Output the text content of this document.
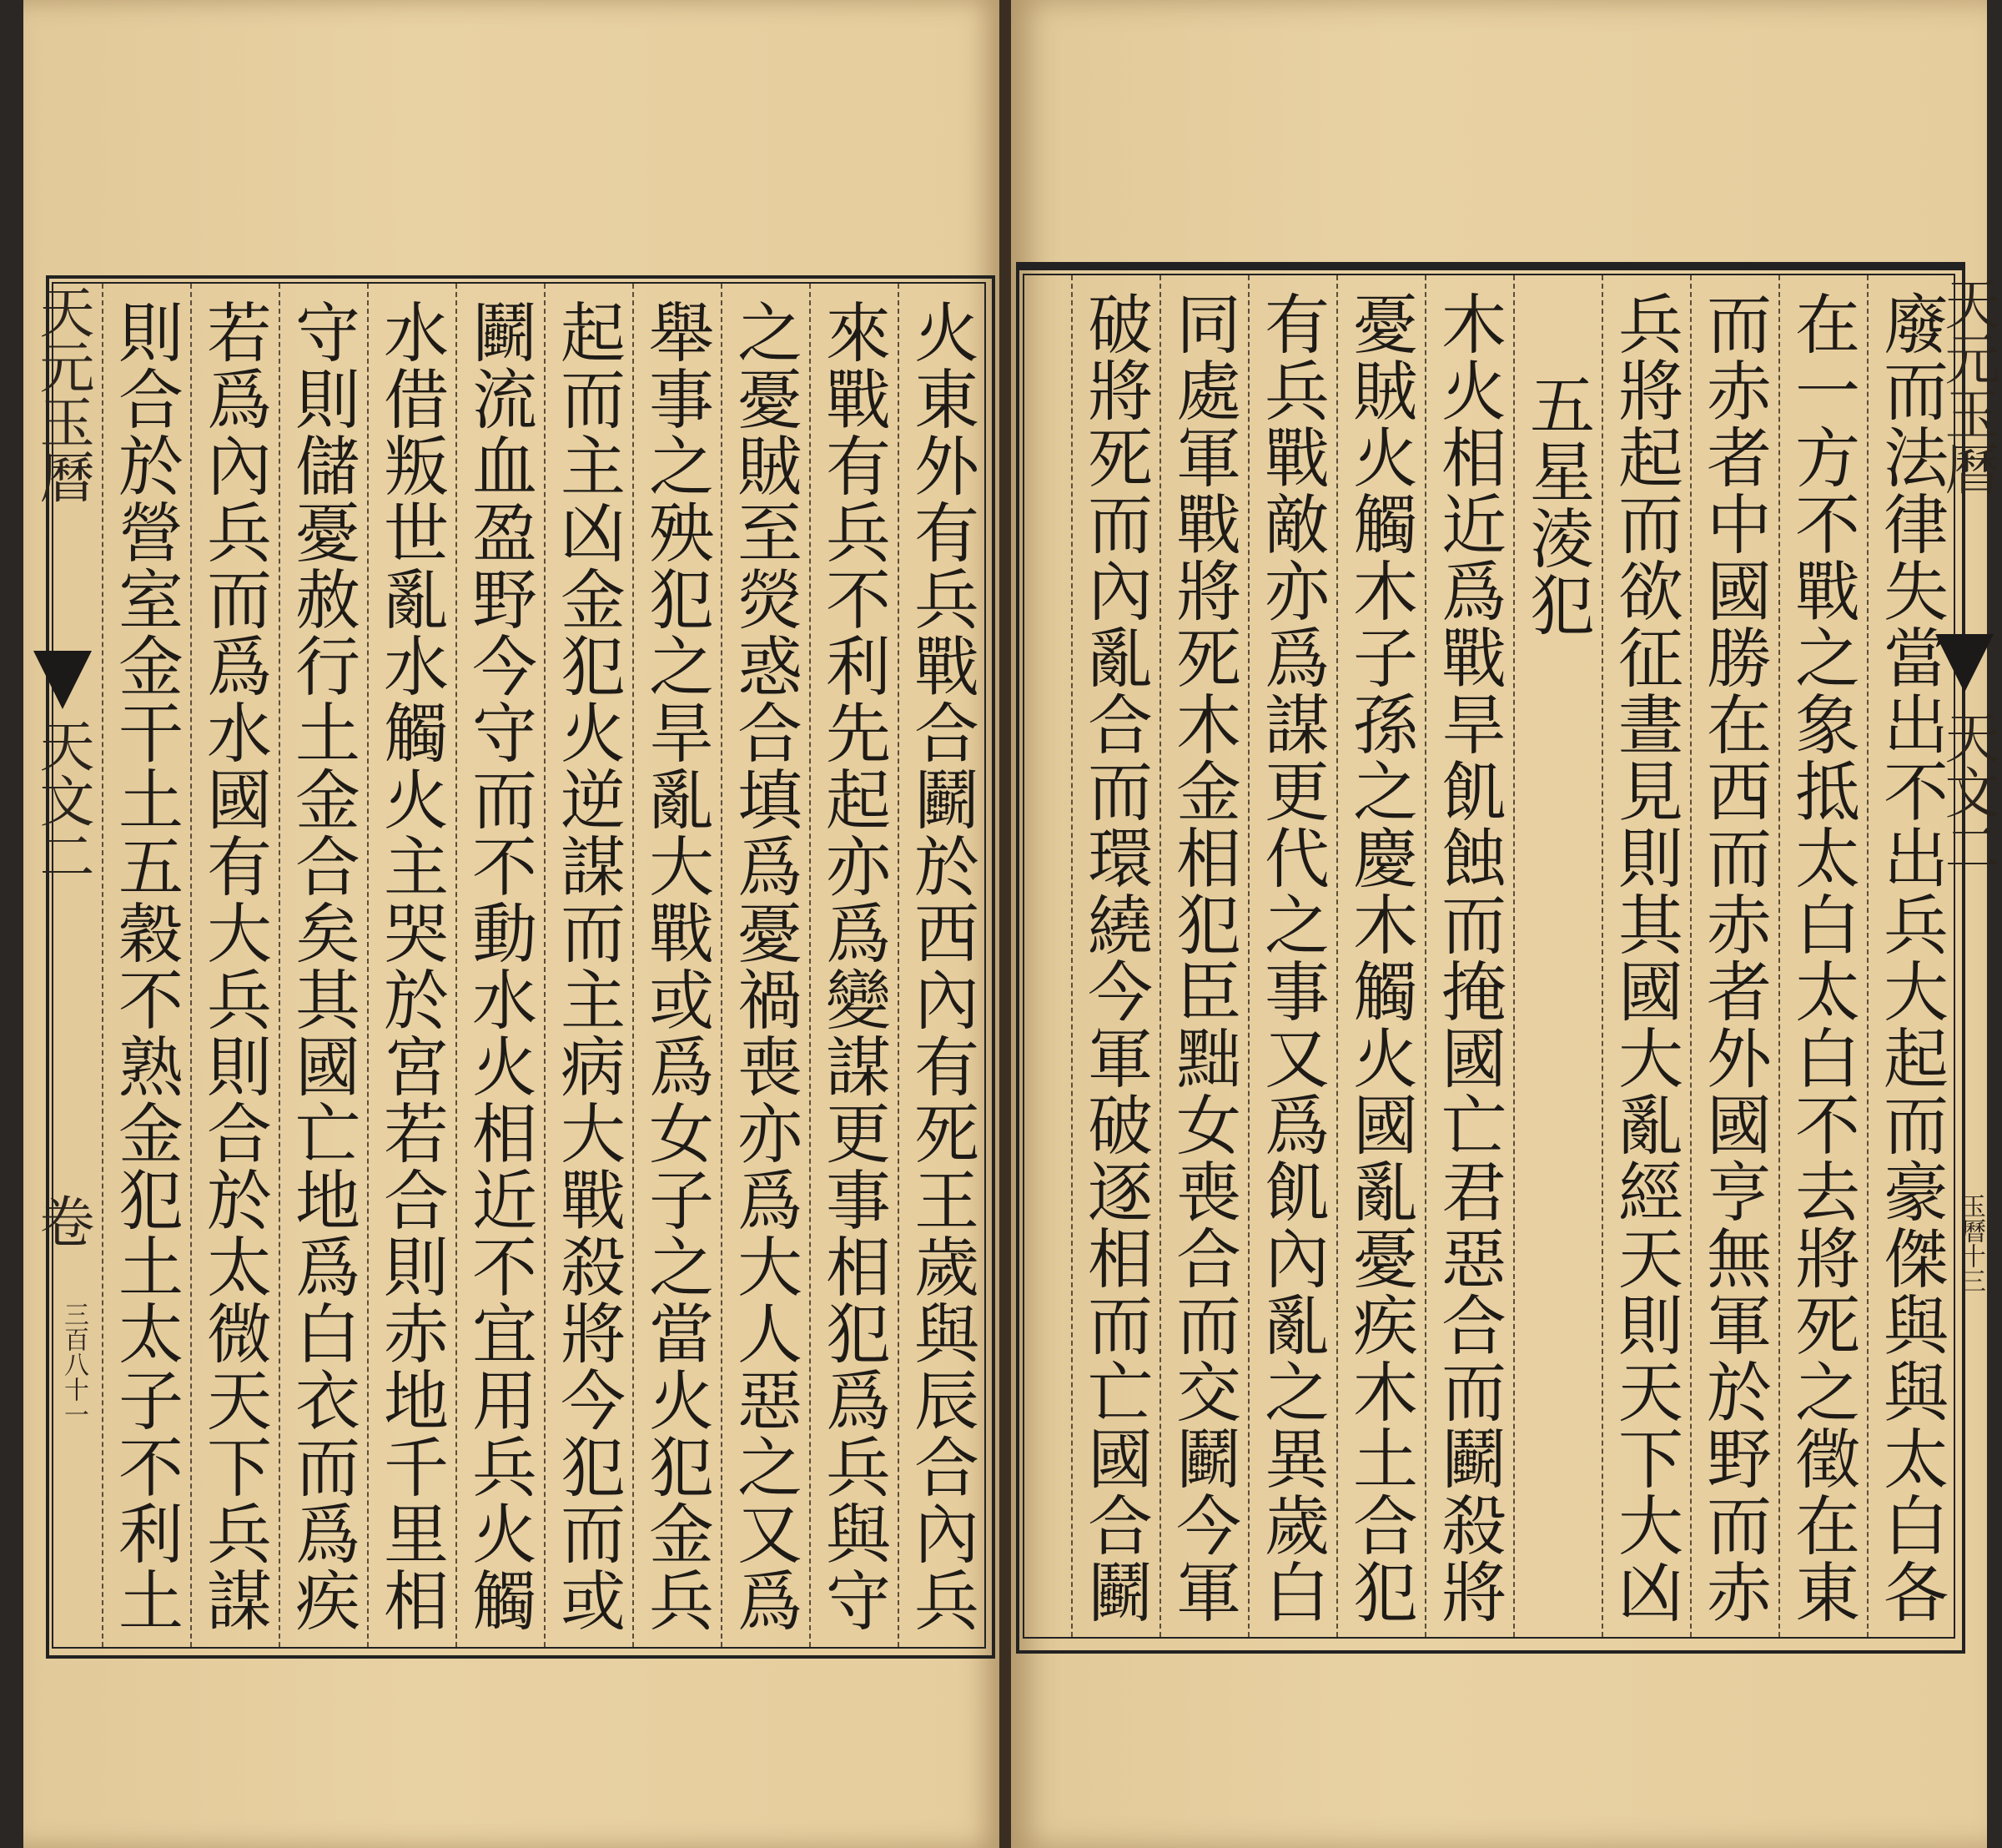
火東外有兵戰合鬬於西內有死王歲與辰合內兵
來戰有兵不利先起亦爲變謀更事相犯爲兵與守
之憂賊至熒惑合填爲憂禍喪亦爲大人惡之又爲
舉事之殃犯之旱亂大戰或爲女子之當火犯金兵
起而主凶金犯火逆謀而主病大戰殺將今犯而或
鬬流血盈野今守而不動水火相近不宜用兵火觸
水借叛世亂水觸火主哭於宮若合則赤地千里相
守則儲憂赦行土金合矣其國亡地爲白衣而爲疾
若爲內兵而爲水國有大兵則合於太微天下兵謀
則合於營室金干土五穀不熟金犯土太子不利土
天元玉曆
天文二
卷
三百八十一	廢而法律失當出不出兵大起而豪傑與與太白各
在一方不戰之象抵太白太白不去將死之徵在東
而赤者中國勝在西而赤者外國亨無軍於野而赤
兵將起而欲征晝見則其國大亂經天則天下大凶
五星淩犯
木火相近爲戰旱飢蝕而掩國亡君惡合而鬬殺將
憂賊火觸木子孫之慶木觸火國亂憂疾木土合犯
有兵戰敵亦爲謀更代之事又爲飢內亂之異歲白
同處軍戰將死木金相犯臣黜女喪合而交鬬今軍
破將死而內亂合而環繞今軍破逐相而亡國合鬬	天元玉曆
天文二
玉曆十三
